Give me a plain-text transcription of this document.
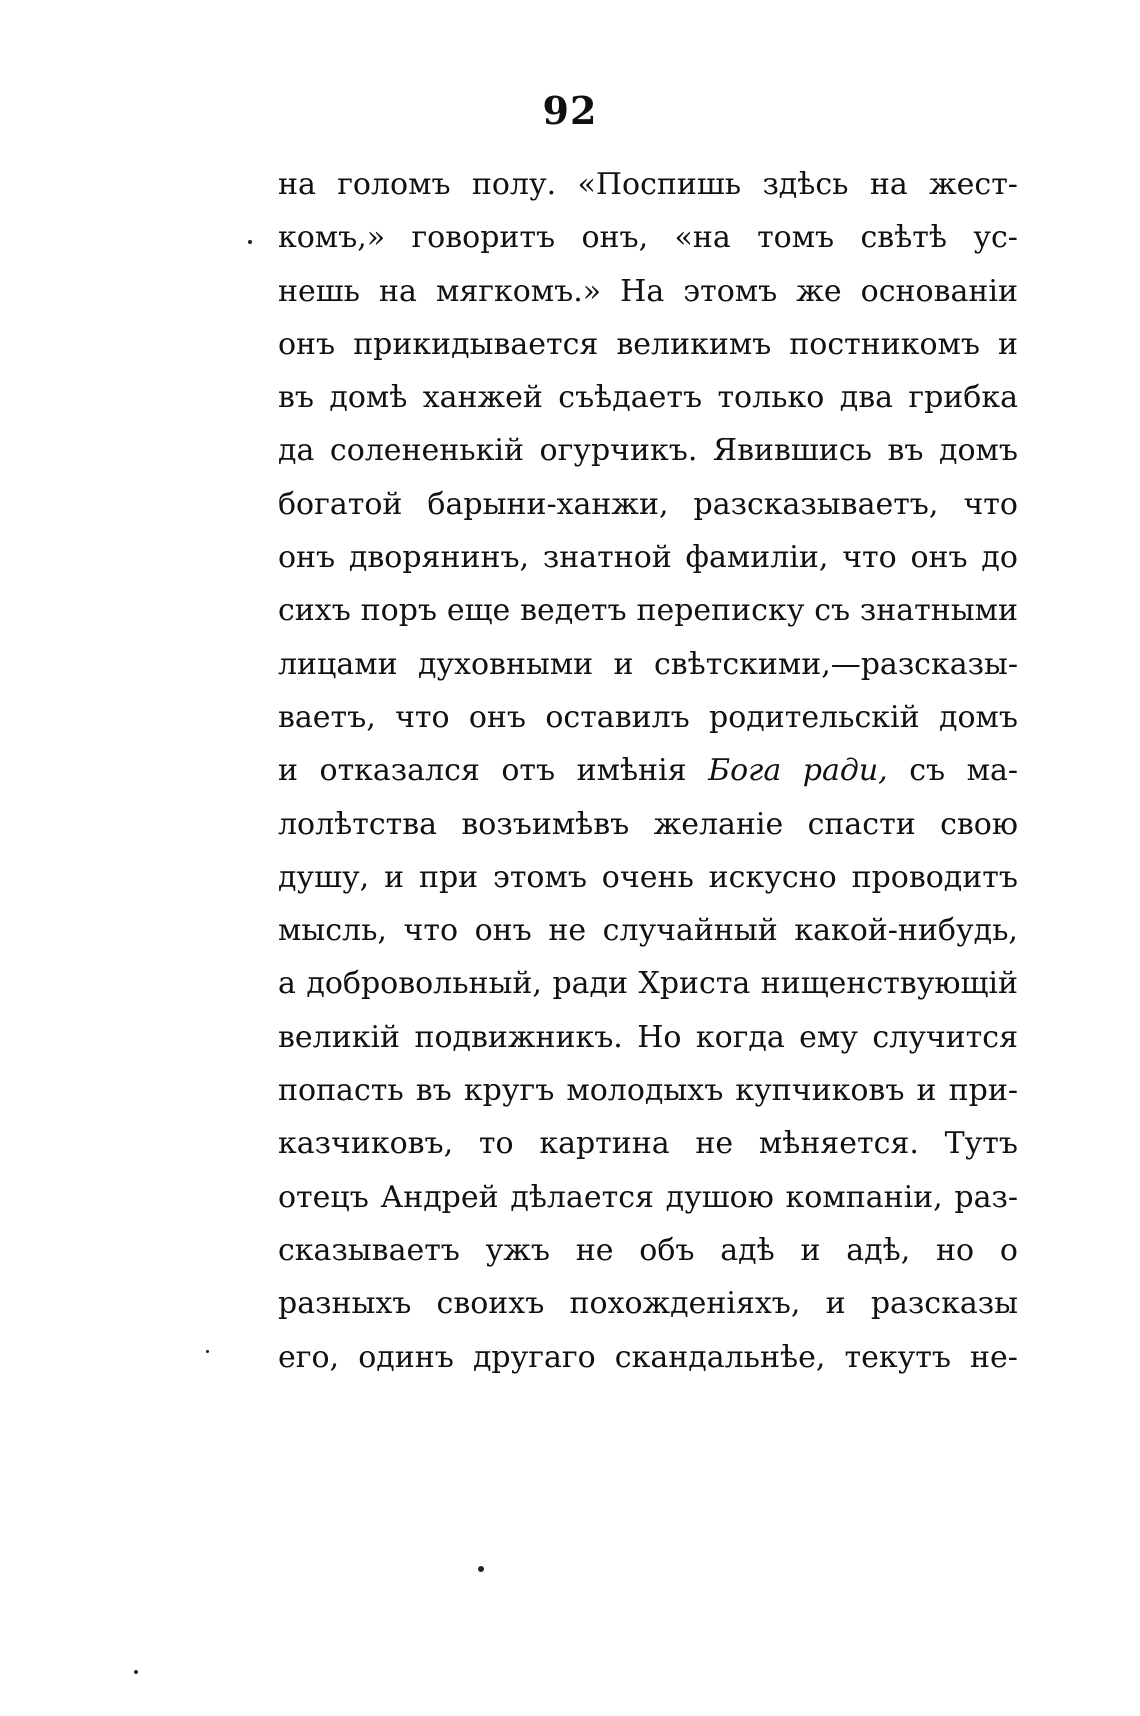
92
на голомъ полу. «Поспишь здѣсь на жест-
комъ,» говоритъ онъ, «на томъ свѣтѣ ус-
нешь на мягкомъ.» На этомъ же основаніи
онъ прикидывается великимъ постникомъ и
въ домѣ ханжей съѣдаетъ только два грибка
да солененькій огурчикъ. Явившись въ домъ
богатой барыни-ханжи, разсказываетъ, что
онъ дворянинъ, знатной фамиліи, что онъ до
сихъ поръ еще ведетъ переписку съ знатными
лицами духовными и свѣтскими,—разсказы-
ваетъ, что онъ оставилъ родительскій домъ
и отказался отъ имѣнія Бога ради, съ ма-
лолѣтства возъимѣвъ желаніе спасти свою
душу, и при этомъ очень искусно проводитъ
мысль, что онъ не случайный какой-нибудь,
а добровольный, ради Христа нищенствующій
великій подвижникъ. Но когда ему случится
попасть въ кругъ молодыхъ купчиковъ и при-
казчиковъ, то картина не мѣняется. Тутъ
отецъ Андрей дѣлается душою компаніи, раз-
сказываетъ ужъ не объ адѣ и адѣ, но о
разныхъ своихъ похожденіяхъ, и разсказы
его, одинъ другаго скандальнѣе, текутъ не-
